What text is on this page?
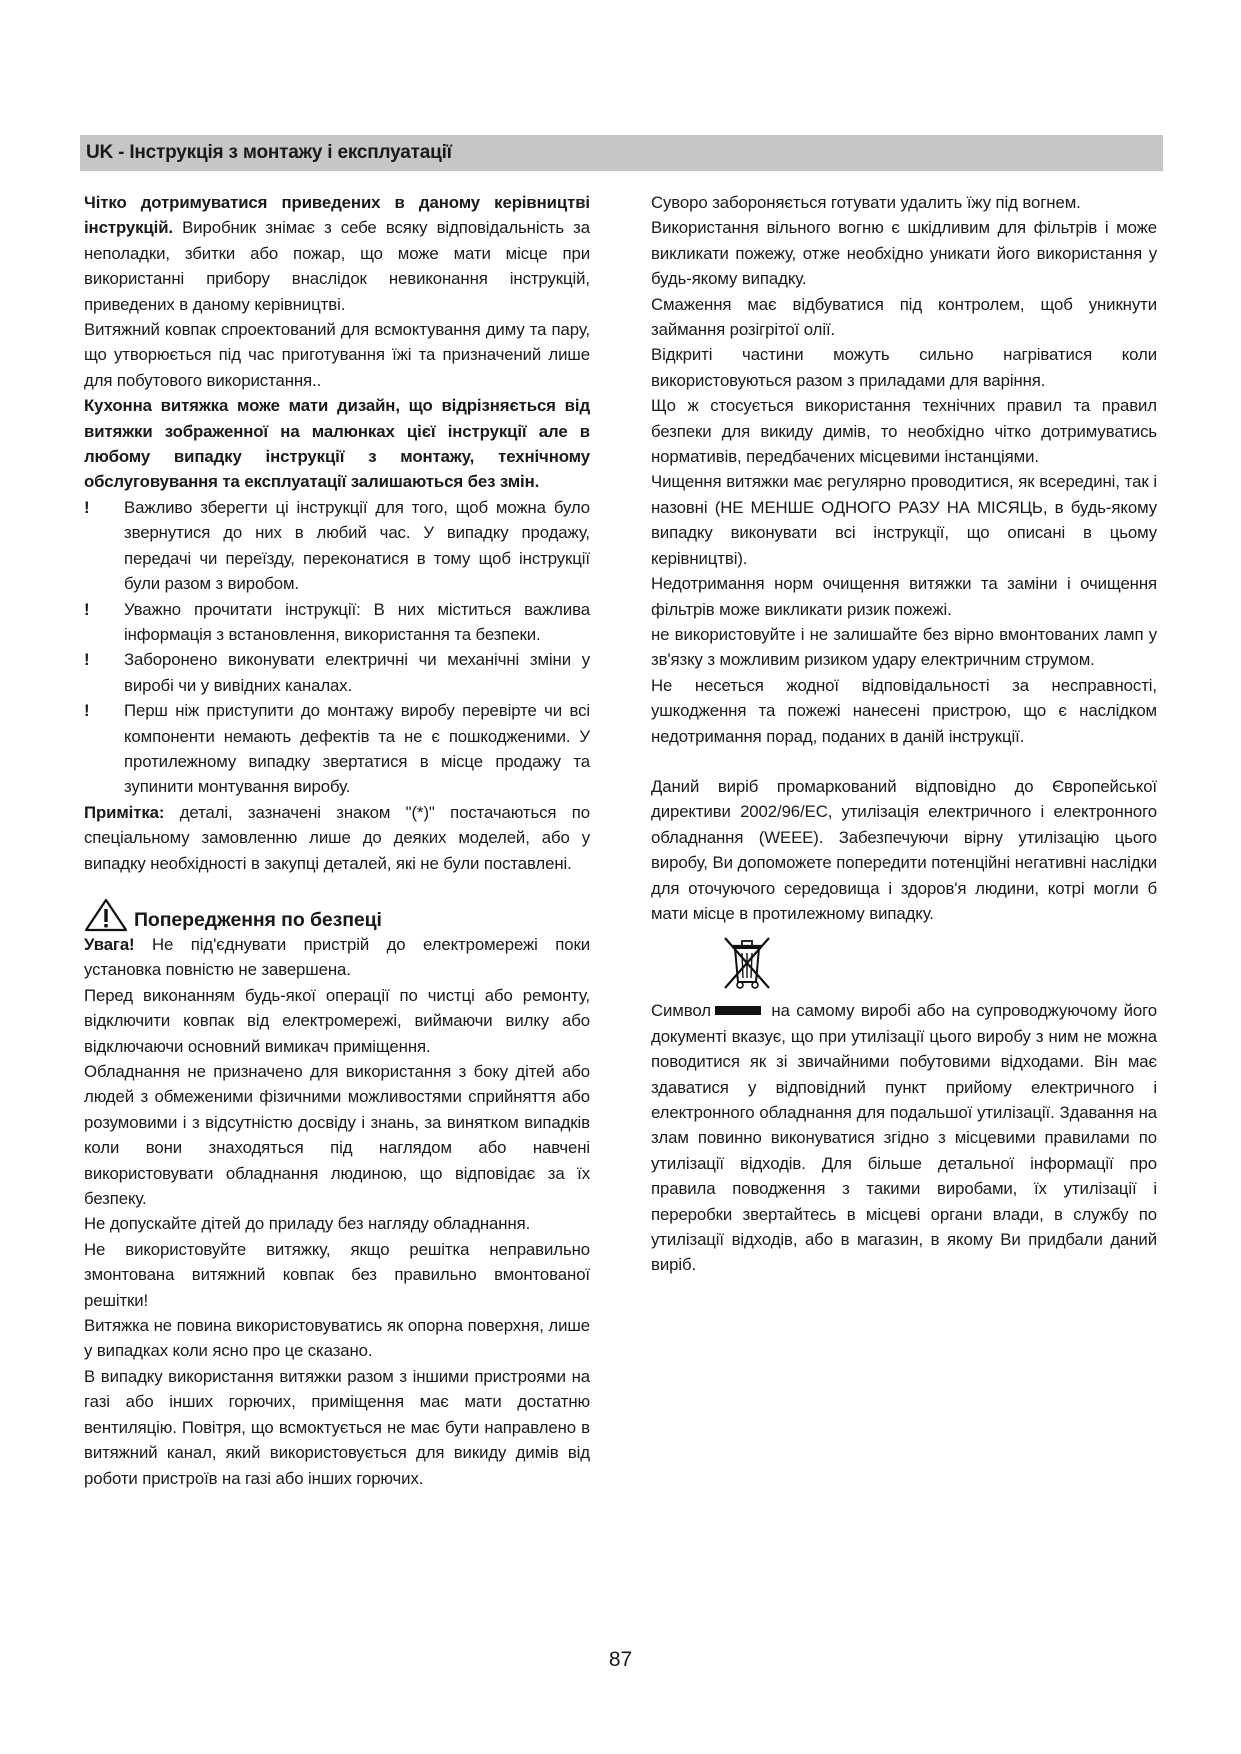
UK - Інструкція з монтажу і експлуатації

Чітко дотримуватися приведених в даному керівництві інструкцій. Виробник знімає з себе всяку відповідальність за неполадки, збитки або пожар, що може мати місце при використанні прибору внаслідок невиконання інструкцій, приведених в даному керівництві.

Витяжний ковпак спроектований для всмоктування диму та пару, що утворюється під час приготування їжі та призначений лише для побутового використання..

Кухонна витяжка може мати дизайн, що відрізняється від витяжки зображенної на малюнках цієї інструкції але в любому випадку інструкції з монтажу, технічному обслуговування та експлуатації залишаються без змін.

!	Важливо зберегти ці інструкції для того, щоб можна було звернутися до них в любий час. У випадку продажу, передачі чи переїзду, переконатися в тому щоб інструкції були разом з виробом.
!	Уважно прочитати інструкції: В них міститься важлива інформація з встановлення, використання та безпеки.
!	Заборонено виконувати електричні чи механічні зміни у виробі чи у вивідних каналах.
!	Перш ніж приступити до монтажу виробу перевірте чи всі компоненти немають дефектів та не є пошкодженими. У протилежному випадку звертатися в місце продажу та зупинити монтування виробу.

Примітка: деталі, зазначені знаком "(*)" постачаються по спеціальному замовленню лише до деяких моделей, або у випадку необхідності в закупці деталей, які не були поставлені.

Попередження по безпеці

Увага! Не під'єднувати пристрій до електромережі поки установка повністю не завершена.

Перед виконанням будь-якої операції по чистці або ремонту, відключити ковпак від електромережі, виймаючи вилку або відключаючи основний вимикач приміщення.

Обладнання не призначено для використання з боку дітей або людей з обмеженими фізичними можливостями сприйняття або розумовими і з відсутністю досвіду і знань, за винятком випадків коли вони знаходяться під наглядом або навчені використовувати обладнання людиною, що відповідає за їх безпеку.

Не допускайте дітей до приладу без нагляду обладнання.

Не використовуйте витяжку, якщо решітка неправильно змонтована витяжний ковпак без правильно вмонтованої решітки!

Витяжка не повина використовуватись як опорна поверхня, лише у випадках коли ясно про це сказано.

В випадку використання витяжки разом з іншими пристроями на газі або інших горючих, приміщення має мати достатню вентиляцію. Повітря, що всмоктується не має бути направлено в витяжний канал, який використовується для викиду димів від роботи пристроїв на газі або інших горючих.

Суворо забороняється готувати удалить їжу під вогнем.

Використання вільного вогню є шкідливим для фільтрів і може викликати пожежу, отже необхідно уникати його використання у будь-якому випадку.

Смаження має відбуватися під контролем, щоб уникнути займання розігрітої олії.

Відкриті частини можуть сильно нагріватися коли використовуються разом з приладами для варіння.

Що ж стосується використання технічних правил та правил безпеки для викиду димів, то необхідно чітко дотримуватись нормативів, передбачених місцевими інстанціями.

Чищення витяжки має регулярно проводитися, як всередині, так і назовні (НЕ МЕНШЕ ОДНОГО РАЗУ НА МІСЯЦЬ, в будь-якому випадку виконувати всі інструкції, що описані в цьому керівництві).

Недотримання норм очищення витяжки та заміни і очищення фільтрів може викликати ризик пожежі.

не використовуйте і не залишайте без вірно вмонтованих ламп у зв'язку з можливим ризиком удару електричним струмом.

Не несеться жодної відповідальності за несправності, ушкодження та пожежі нанесені пристрою, що є наслідком недотримання порад, поданих в даній інструкції.

Даний виріб промаркований відповідно до Європейської директиви 2002/96/EC, утилізація електричного і електронного обладнання (WEEE). Забезпечуючи вірну утилізацію цього виробу, Ви допоможете попередити потенційні негативні наслідки для оточуючого середовища і здоров'я людини, котрі могли б мати місце в протилежному випадку.

Символ	на самому виробі або на супроводжуючому його документі вказує, що при утилізації цього виробу з ним не можна поводитися як зі звичайними побутовими відходами. Він має здаватися у відповідний пункт прийому електричного і електронного обладнання для подальшої утилізації. Здавання на злам повинно виконуватися згідно з місцевими правилами по утилізації відходів. Для більше детальної інформації про правила поводження з такими виробами, їх утилізації і переробки звертайтесь в місцеві органи влади, в службу по утилізації відходів, або в магазин, в якому Ви придбали даний виріб.

87
